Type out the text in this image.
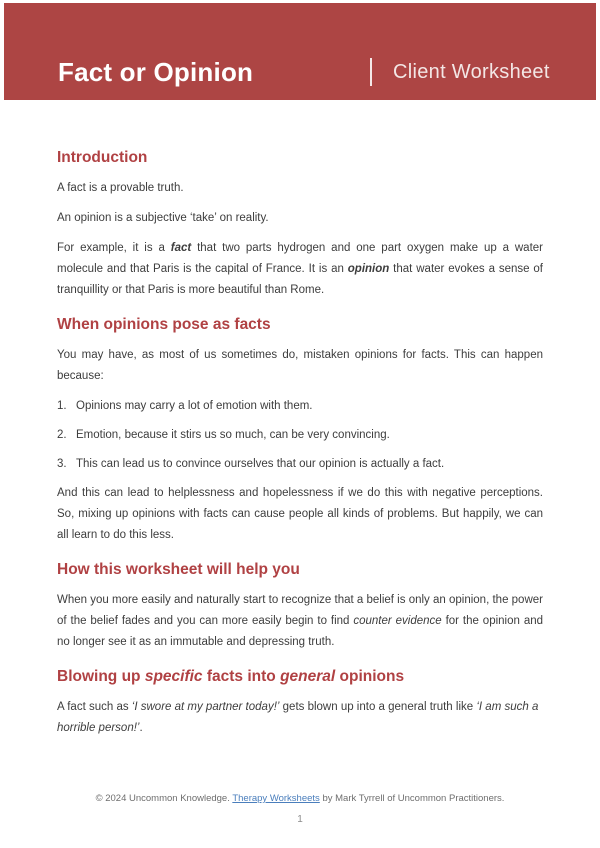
Fact or Opinion	Client Worksheet
Introduction

A fact is a provable truth.

An opinion is a subjective ‘take’ on reality.

For example, it is a fact that two parts hydrogen and one part oxygen make up a water molecule and that Paris is the capital of France. It is an opinion that water evokes a sense of tranquillity or that Paris is more beautiful than Rome.

When opinions pose as facts

You may have, as most of us sometimes do, mistaken opinions for facts. This can happen because:

1. Opinions may carry a lot of emotion with them.
2. Emotion, because it stirs us so much, can be very convincing.
3. This can lead us to convince ourselves that our opinion is actually a fact.

And this can lead to helplessness and hopelessness if we do this with negative perceptions. So, mixing up opinions with facts can cause people all kinds of problems. But happily, we can all learn to do this less.

How this worksheet will help you

When you more easily and naturally start to recognize that a belief is only an opinion, the power of the belief fades and you can more easily begin to find counter evidence for the opinion and no longer see it as an immutable and depressing truth.

Blowing up specific facts into general opinions

A fact such as ‘I swore at my partner today!’ gets blown up into a general truth like ‘I am such a horrible person!’.

© 2024 Uncommon Knowledge. Therapy Worksheets by Mark Tyrrell of Uncommon Practitioners.
1
